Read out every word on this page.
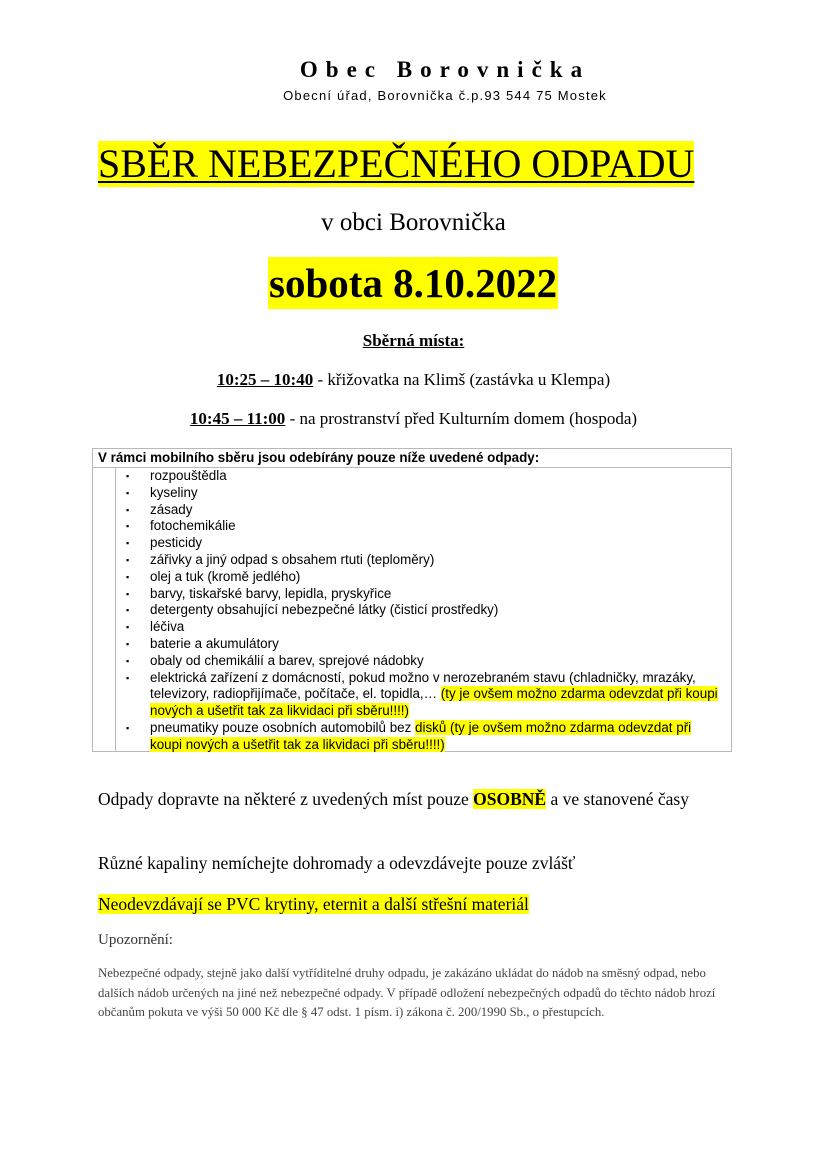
Obec Borovnička
Obecní úřad, Borovnička č.p.93 544 75 Mostek
SBĚR NEBEZPEČNÉHO ODPADU
v obci Borovnička
sobota 8.10.2022
Sběrná místa:
10:25 – 10:40 - křižovatka na Klimš (zastávka u Klempa)
10:45 – 11:00 - na prostranství před Kulturním domem (hospoda)
V rámci mobilního sběru jsou odebírány pouze níže uvedené odpady:
▪ rozpouštědla
▪ kyseliny
▪ zásady
▪ fotochemikálie
▪ pesticidy
▪ zářivky a jiný odpad s obsahem rtuti (teploměry)
▪ olej a tuk (kromě jedlého)
▪ barvy, tiskařské barvy, lepidla, pryskyřice
▪ detergenty obsahující nebezpečné látky (čisticí prostředky)
▪ léčiva
▪ baterie a akumulátory
▪ obaly od chemikálií a barev, sprejové nádobky
▪ elektrická zařízení z domácností, pokud možno v nerozebraném stavu (chladničky, mrazáky, televizory, radiopřijímače, počítače, el. topidla,… (ty je ovšem možno zdarma odevzdat při koupi nových a ušetřit tak za likvidaci při sběru!!!!)
▪ pneumatiky pouze osobních automobilů bez disků (ty je ovšem možno zdarma odevzdat při koupi nových a ušetřit tak za likvidaci při sběru!!!!)
Odpady dopravte na některé z uvedených míst pouze OSOBNĚ a ve stanovené časy
Různé kapaliny nemíchejte dohromady a odevzdávejte pouze zvlášť
Neodevzdávají se PVC krytiny, eternit a další střešní materiál
Upozornění:
Nebezpečné odpady, stejně jako další vytříditelné druhy odpadu, je zakázáno ukládat do nádob na směsný odpad, nebo dalších nádob určených na jiné než nebezpečné odpady. V případě odložení nebezpečných odpadů do těchto nádob hrozí občanům pokuta ve výši 50 000 Kč dle § 47 odst. 1 písm. i) zákona č. 200/1990 Sb., o přestupcích.
